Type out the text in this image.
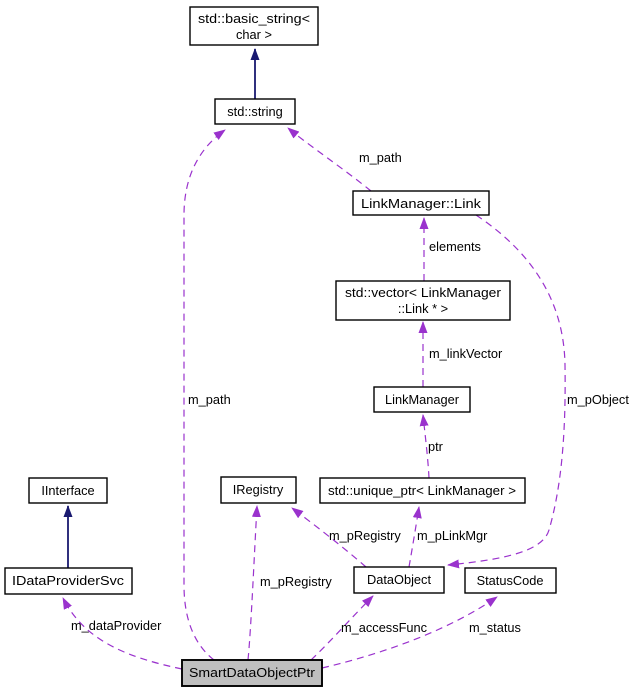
m_path
elements
m_linkVector
ptr
m_pObject
m_pRegistry m_pLinkMgr
m_path
m_pRegistry
m_dataProvider	m_accessFunc	m_status
std::basic_string<
char >
std::string
LinkManager::Link
std::vector< LinkManager
::Link * >
LinkManager
IRegistry	std::unique_ptr< LinkManager >
IInterface
IDataProviderSvc	DataObject	StatusCode
SmartDataObjectPtr
